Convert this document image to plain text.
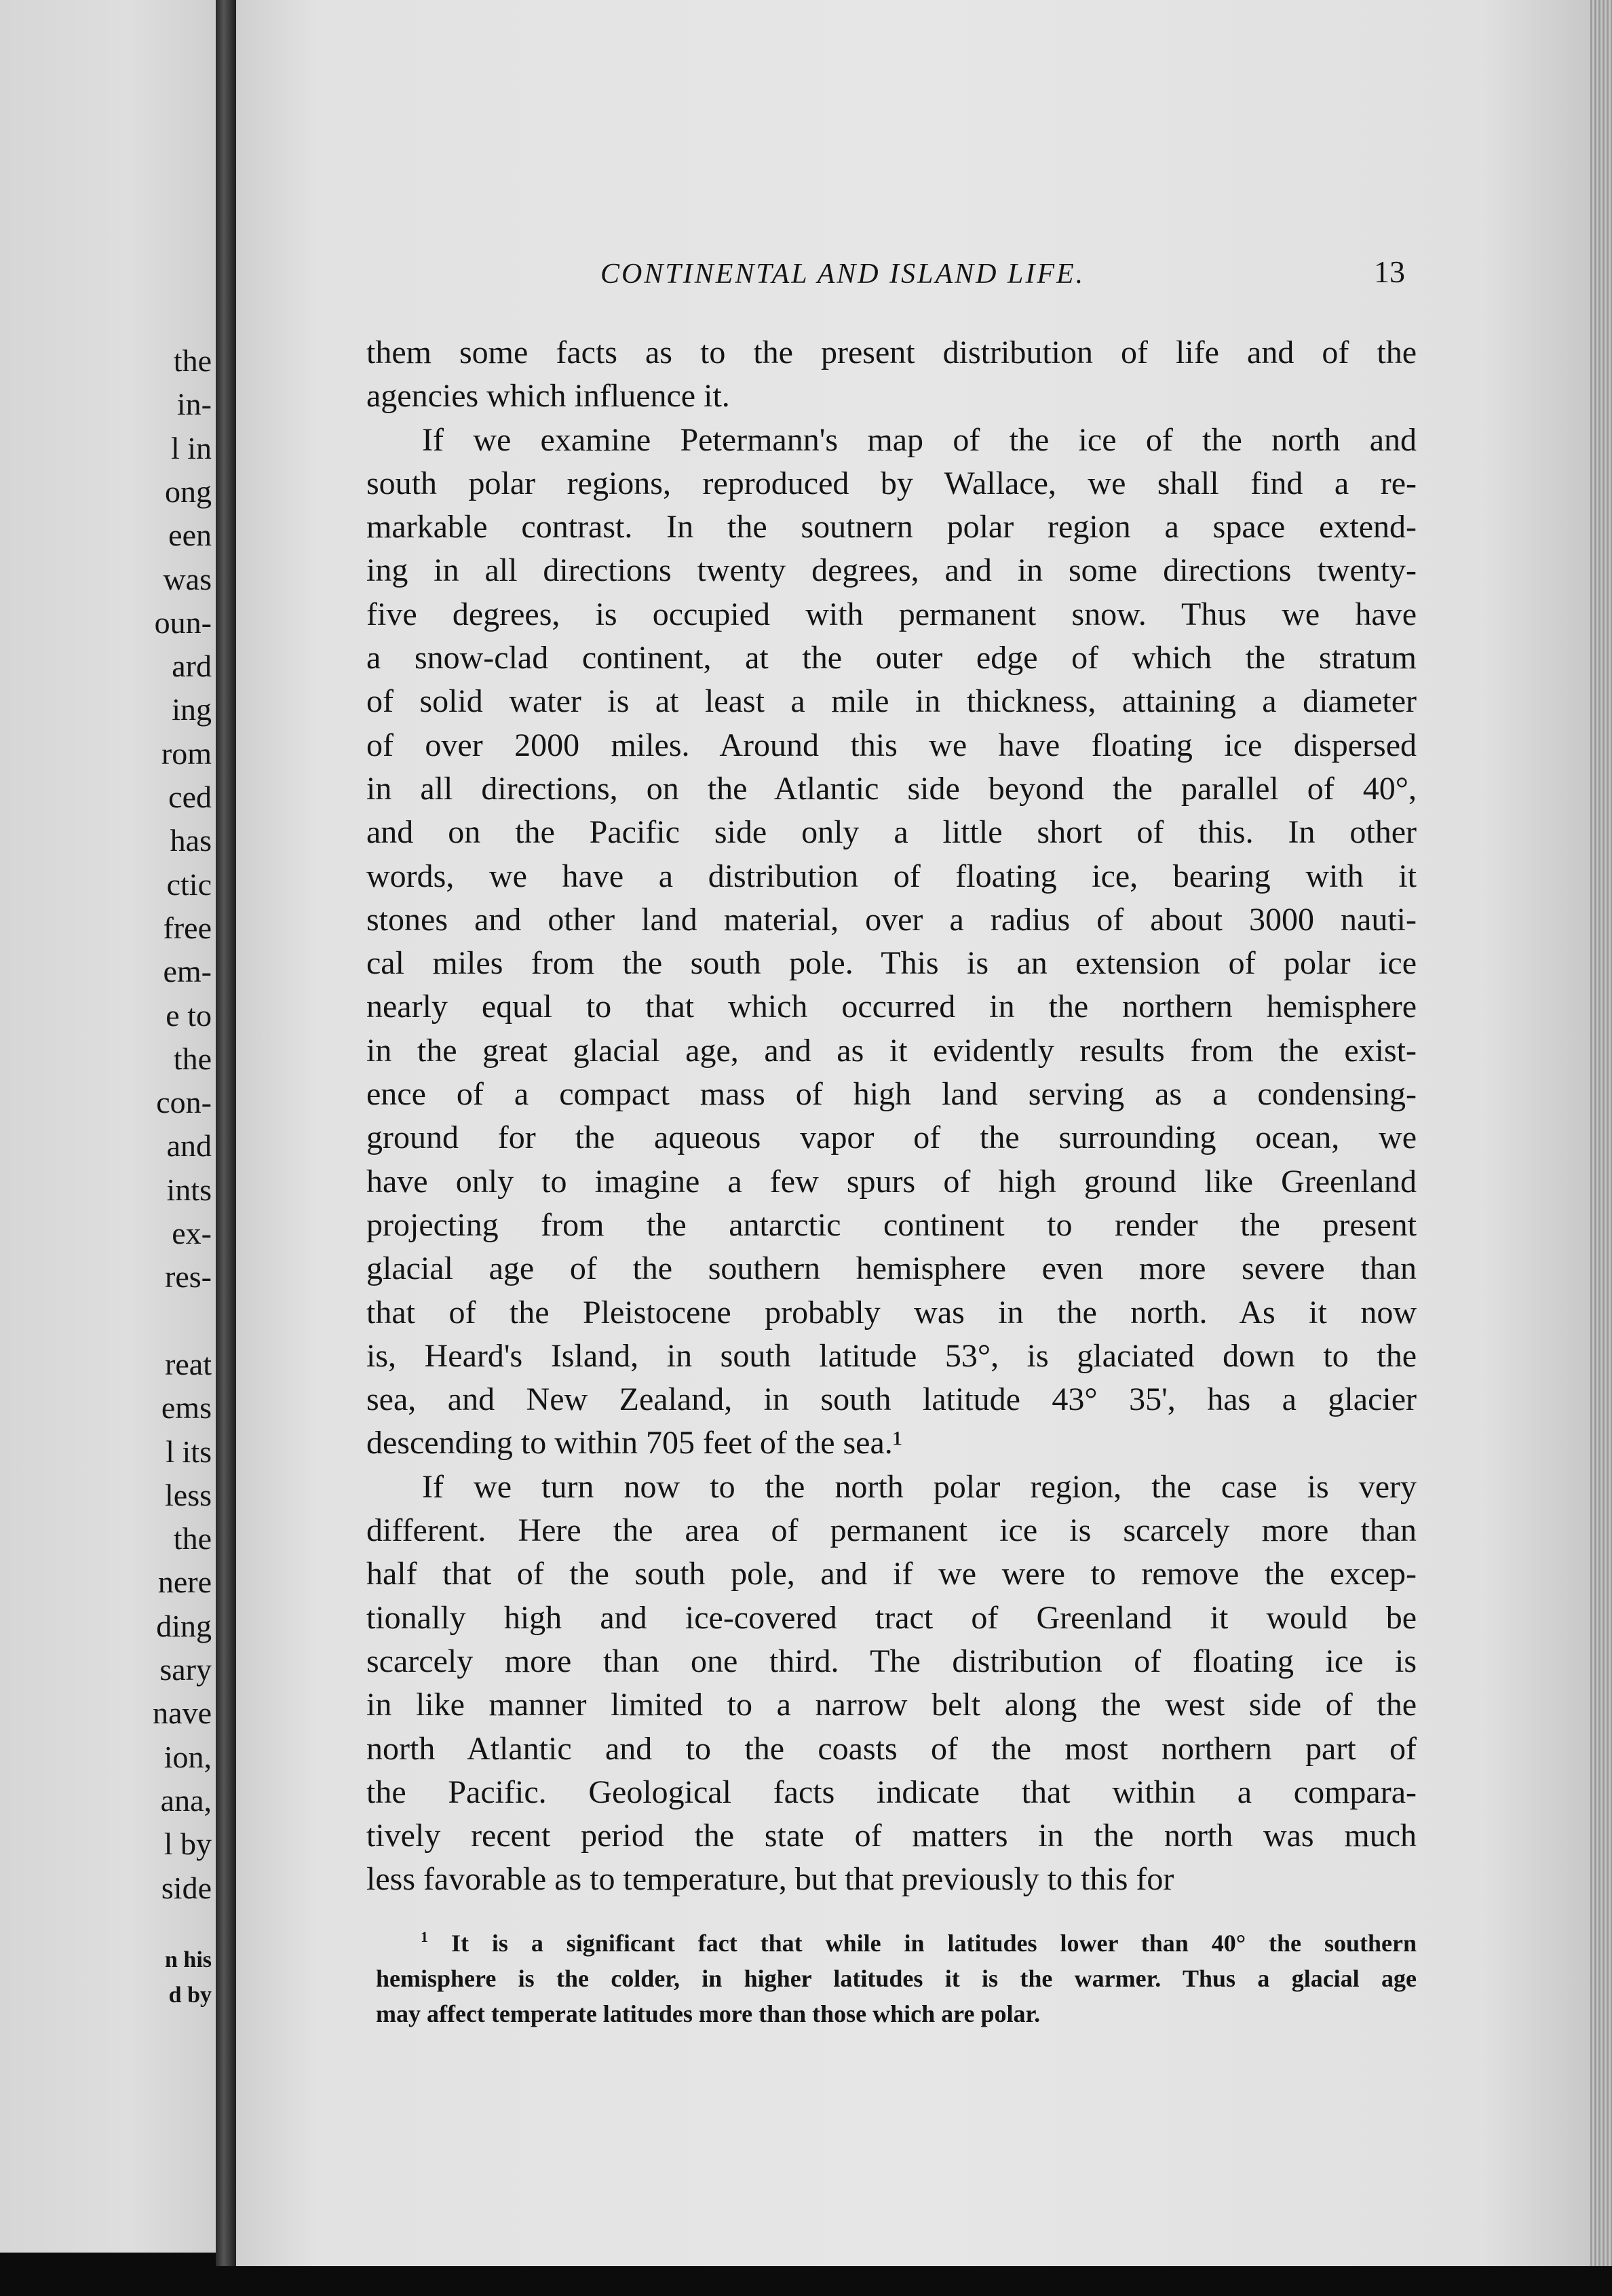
the
in-
l in
ong
een
was
oun-
ard
ing
rom
ced
has
ctic
free
em-
e to
the
con-
and
ints
ex-
res-
reat
ems
l its
less
the
nere
ding
sary
nave
ion,
ana,
l by
side
n his
d by
CONTINENTAL AND ISLAND LIFE.	13

them some facts as to the present distribution of life and of the
agencies which influence it.

If we examine Petermann's map of the ice of the north and
south polar regions, reproduced by Wallace, we shall find a re-
markable contrast. In the soutnern polar region a space extend-
ing in all directions twenty degrees, and in some directions twenty-
five degrees, is occupied with permanent snow. Thus we have
a snow-clad continent, at the outer edge of which the stratum
of solid water is at least a mile in thickness, attaining a diameter
of over 2000 miles. Around this we have floating ice dispersed
in all directions, on the Atlantic side beyond the parallel of 40°,
and on the Pacific side only a little short of this. In other
words, we have a distribution of floating ice, bearing with it
stones and other land material, over a radius of about 3000 nauti-
cal miles from the south pole. This is an extension of polar ice
nearly equal to that which occurred in the northern hemisphere
in the great glacial age, and as it evidently results from the exist-
ence of a compact mass of high land serving as a condensing-
ground for the aqueous vapor of the surrounding ocean, we
have only to imagine a few spurs of high ground like Greenland
projecting from the antarctic continent to render the present
glacial age of the southern hemisphere even more severe than
that of the Pleistocene probably was in the north. As it now
is, Heard's Island, in south latitude 53°, is glaciated down to the
sea, and New Zealand, in south latitude 43° 35', has a glacier
descending to within 705 feet of the sea.¹

If we turn now to the north polar region, the case is very
different. Here the area of permanent ice is scarcely more than
half that of the south pole, and if we were to remove the excep-
tionally high and ice-covered tract of Greenland it would be
scarcely more than one third. The distribution of floating ice is
in like manner limited to a narrow belt along the west side of the
north Atlantic and to the coasts of the most northern part of
the Pacific. Geological facts indicate that within a compara-
tively recent period the state of matters in the north was much
less favorable as to temperature, but that previously to this for

$^1$ It is a significant fact that while in latitudes lower than 40° the southern
hemisphere is the colder, in higher latitudes it is the warmer. Thus a glacial age
may affect temperate latitudes more than those which are polar.
